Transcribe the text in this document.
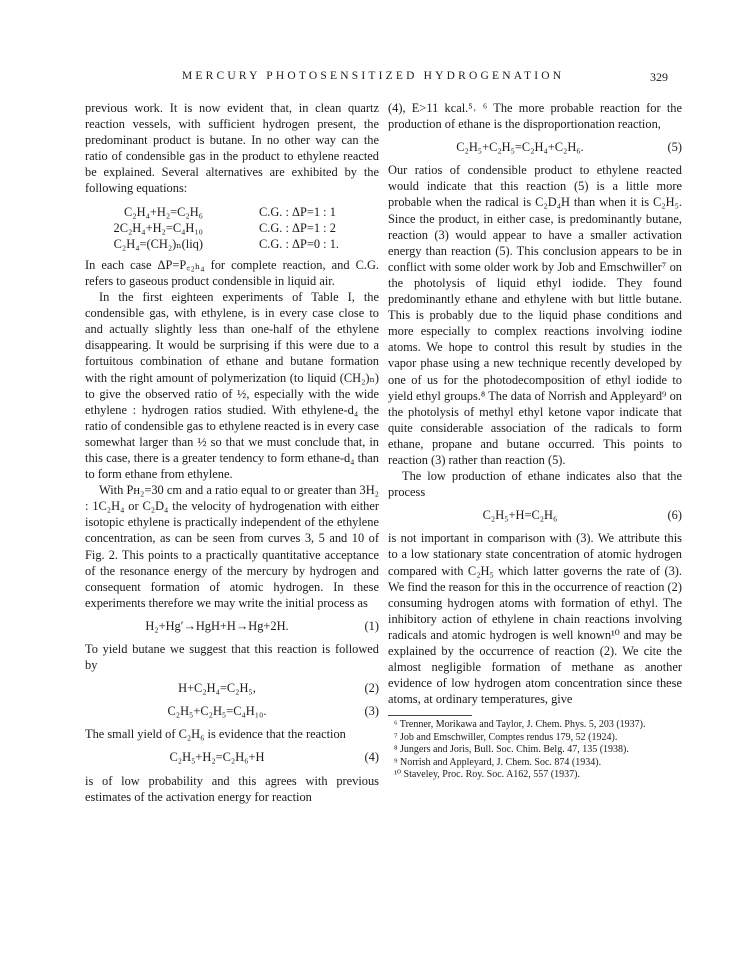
MERCURY PHOTOSENSITIZED HYDROGENATION	329

previous work. It is now evident that, in clean quartz reaction vessels, with sufficient hydrogen present, the predominant product is butane. In no other way can the ratio of condensible gas in the product to ethylene reacted be explained. Several alternatives are exhibited by the following equations:

C₂H₄+H₂=C₂H₆	C.G. : ΔP=1 : 1
2C₂H₄+H₂=C₄H₁₀	C.G. : ΔP=1 : 2
C₂H₄=(CH₂)ₙ(liq)	C.G. : ΔP=0 : 1.

In each case ΔP=P꜀₂ₕ₄ for complete reaction, and C.G. refers to gaseous product condensible in liquid air.

In the first eighteen experiments of Table I, the condensible gas, with ethylene, is in every case close to and actually slightly less than one-half of the ethylene disappearing. It would be surprising if this were due to a fortuitous combination of ethane and butane formation with the right amount of polymerization (to liquid (CH₂)ₙ) to give the observed ratio of ½, especially with the wide ethylene : hydrogen ratios studied. With ethylene-d₄ the ratio of condensible gas to ethylene reacted is in every case somewhat larger than ½ so that we must conclude that, in this case, there is a greater tendency to form ethane-d₄ than to form ethane from ethylene.

With Pʜ₂=30 cm and a ratio equal to or greater than 3H₂ : 1C₂H₄ or C₂D₄ the velocity of hydrogenation with either isotopic ethylene is practically independent of the ethylene concentration, as can be seen from curves 3, 5 and 10 of Fig. 2. This points to a practically quantitative acceptance of the resonance energy of the mercury by hydrogen and consequent formation of atomic hydrogen. In these experiments therefore we may write the initial process as

H₂+Hg′→HgH+H→Hg+2H.	(1)

To yield butane we suggest that this reaction is followed by

H+C₂H₄=C₂H₅,	(2)
C₂H₅+C₂H₅=C₄H₁₀.	(3)

The small yield of C₂H₆ is evidence that the reaction

C₂H₅+H₂=C₂H₆+H	(4)

is of low probability and this agrees with previous estimates of the activation energy for reaction

(4), E>11 kcal.⁵˒ ⁶ The more probable reaction for the production of ethane is the disproportionation reaction,

C₂H₅+C₂H₅=C₂H₄+C₂H₆.	(5)

Our ratios of condensible product to ethylene reacted would indicate that this reaction (5) is a little more probable when the radical is C₂D₄H than when it is C₂H₅. Since the product, in either case, is predominantly butane, reaction (3) would appear to have a smaller activation energy than reaction (5). This conclusion appears to be in conflict with some older work by Job and Emschwiller⁷ on the photolysis of liquid ethyl iodide. They found predominantly ethane and ethylene with but little butane. This is probably due to the liquid phase conditions and more especially to complex reactions involving iodine atoms. We hope to control this result by studies in the vapor phase using a new technique recently developed by one of us for the photodecomposition of ethyl iodide to yield ethyl groups.⁸ The data of Norrish and Appleyard⁹ on the photolysis of methyl ethyl ketone vapor indicate that quite considerable association of the radicals to form ethane, propane and butane occurred. This points to reaction (3) rather than reaction (5).

The low production of ethane indicates also that the process

C₂H₅+H=C₂H₆	(6)

is not important in comparison with (3). We attribute this to a low stationary state concentration of atomic hydrogen compared with C₂H₅ which latter governs the rate of (3). We find the reason for this in the occurrence of reaction (2) consuming hydrogen atoms with formation of ethyl. The inhibitory action of ethylene in chain reactions involving radicals and atomic hydrogen is well known¹⁰ and may be explained by the occurrence of reaction (2). We cite the almost negligible formation of methane as another evidence of low hydrogen atom concentration since these atoms, at ordinary temperatures, give

⁶ Trenner, Morikawa and Taylor, J. Chem. Phys. 5, 203 (1937).

⁷ Job and Emschwiller, Comptes rendus 179, 52 (1924).

⁸ Jungers and Joris, Bull. Soc. Chim. Belg. 47, 135 (1938).

⁹ Norrish and Appleyard, J. Chem. Soc. 874 (1934).

¹⁰ Staveley, Proc. Roy. Soc. A162, 557 (1937).
